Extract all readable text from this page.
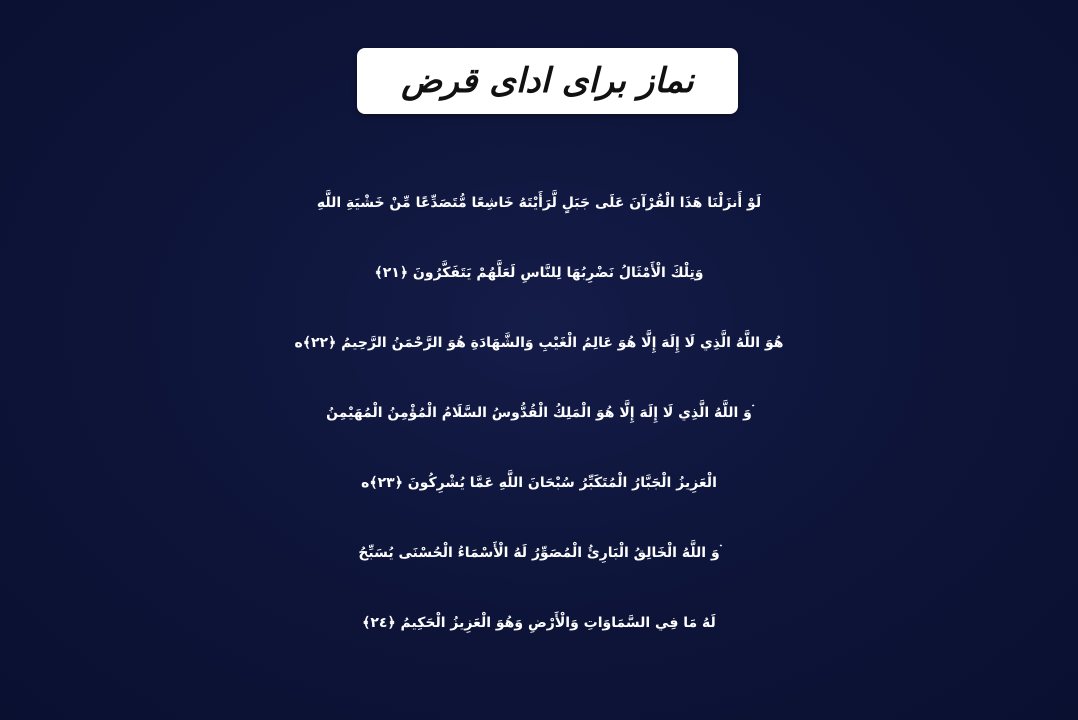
نماز برای ادای قرض
لَوْ أَنزَلْنَا هَذَا الْقُرْآنَ عَلَى جَبَلٍ لَّرَأَيْتَهُ خَاشِعًا مُّتَصَدِّعًا مِّنْ خَشْيَةِ اللَّهِ
وَتِلْكَ الْأَمْثَالُ نَضْرِبُهَا لِلنَّاسِ لَعَلَّهُمْ يَتَفَكَّرُونَ ﴿٢١﴾
هُوَ اللَّهُ الَّذِي لَا إِلَهَ إِلَّا هُوَ عَالِمُ الْغَيْبِ وَالشَّهَادَةِ هُوَ الرَّحْمَنُ الرَّحِيمُ ﴿٢٢﴾ه
ۛوَ اللَّهُ الَّذِي لَا إِلَهَ إِلَّا هُوَ الْمَلِكُ الْقُدُّوسُ السَّلَامُ الْمُؤْمِنُ الْمُهَيْمِنُ
الْعَزِيزُ الْجَبَّارُ الْمُتَكَبِّرُ سُبْحَانَ اللَّهِ عَمَّا يُشْرِكُونَ ﴿٢٣﴾ه
ۛوَ اللَّهُ الْخَالِقُ الْبَارِئُ الْمُصَوِّرُ لَهُ الْأَسْمَاءُ الْحُسْنَى يُسَبِّحُ
لَهُ مَا فِي السَّمَاوَاتِ وَالْأَرْضِ وَهُوَ الْعَزِيزُ الْحَكِيمُ ﴿٢٤﴾
